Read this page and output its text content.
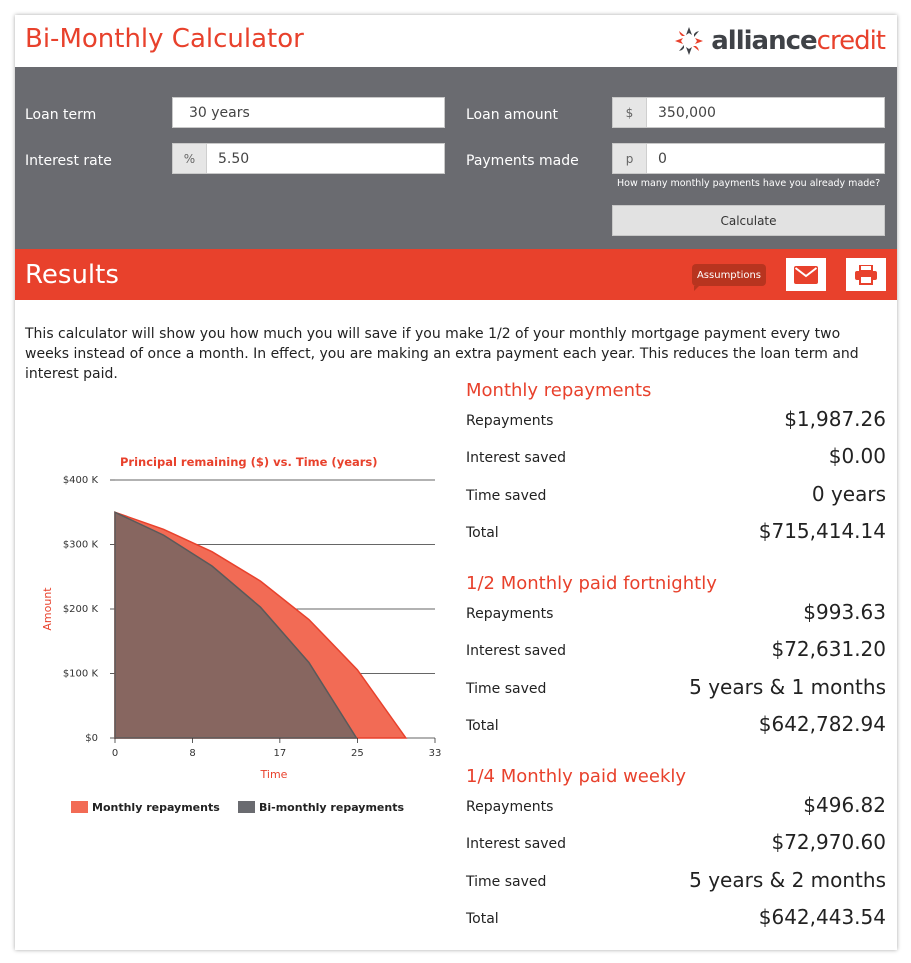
Bi-Monthly Calculator	alliancecredit
Loan term	30 years
Interest rate	%	5.50
Loan amount	$	350,000
Payments made	p	0
How many monthly payments have you already made?
Calculate
Results	Assumptions
This calculator will show you how much you will save if you make 1/2 of your monthly mortgage payment every two weeks instead of once a month. In effect, you are making an extra payment each year. This reduces the loan term and interest paid.
Principal remaining ($) vs. Time (years)
$0
$100 K
$200 K
$300 K
$400 K
0	8	17	25	33
Time
Amount
Monthly repayments	Bi-monthly repayments
Monthly repayments
Repayments	$1,987.26
Interest saved	$0.00
Time saved	0 years
Total	$715,414.14
1/2 Monthly paid fortnightly
Repayments	$993.63
Interest saved	$72,631.20
Time saved	5 years & 1 months
Total	$642,782.94
1/4 Monthly paid weekly
Repayments	$496.82
Interest saved	$72,970.60
Time saved	5 years & 2 months
Total	$642,443.54
